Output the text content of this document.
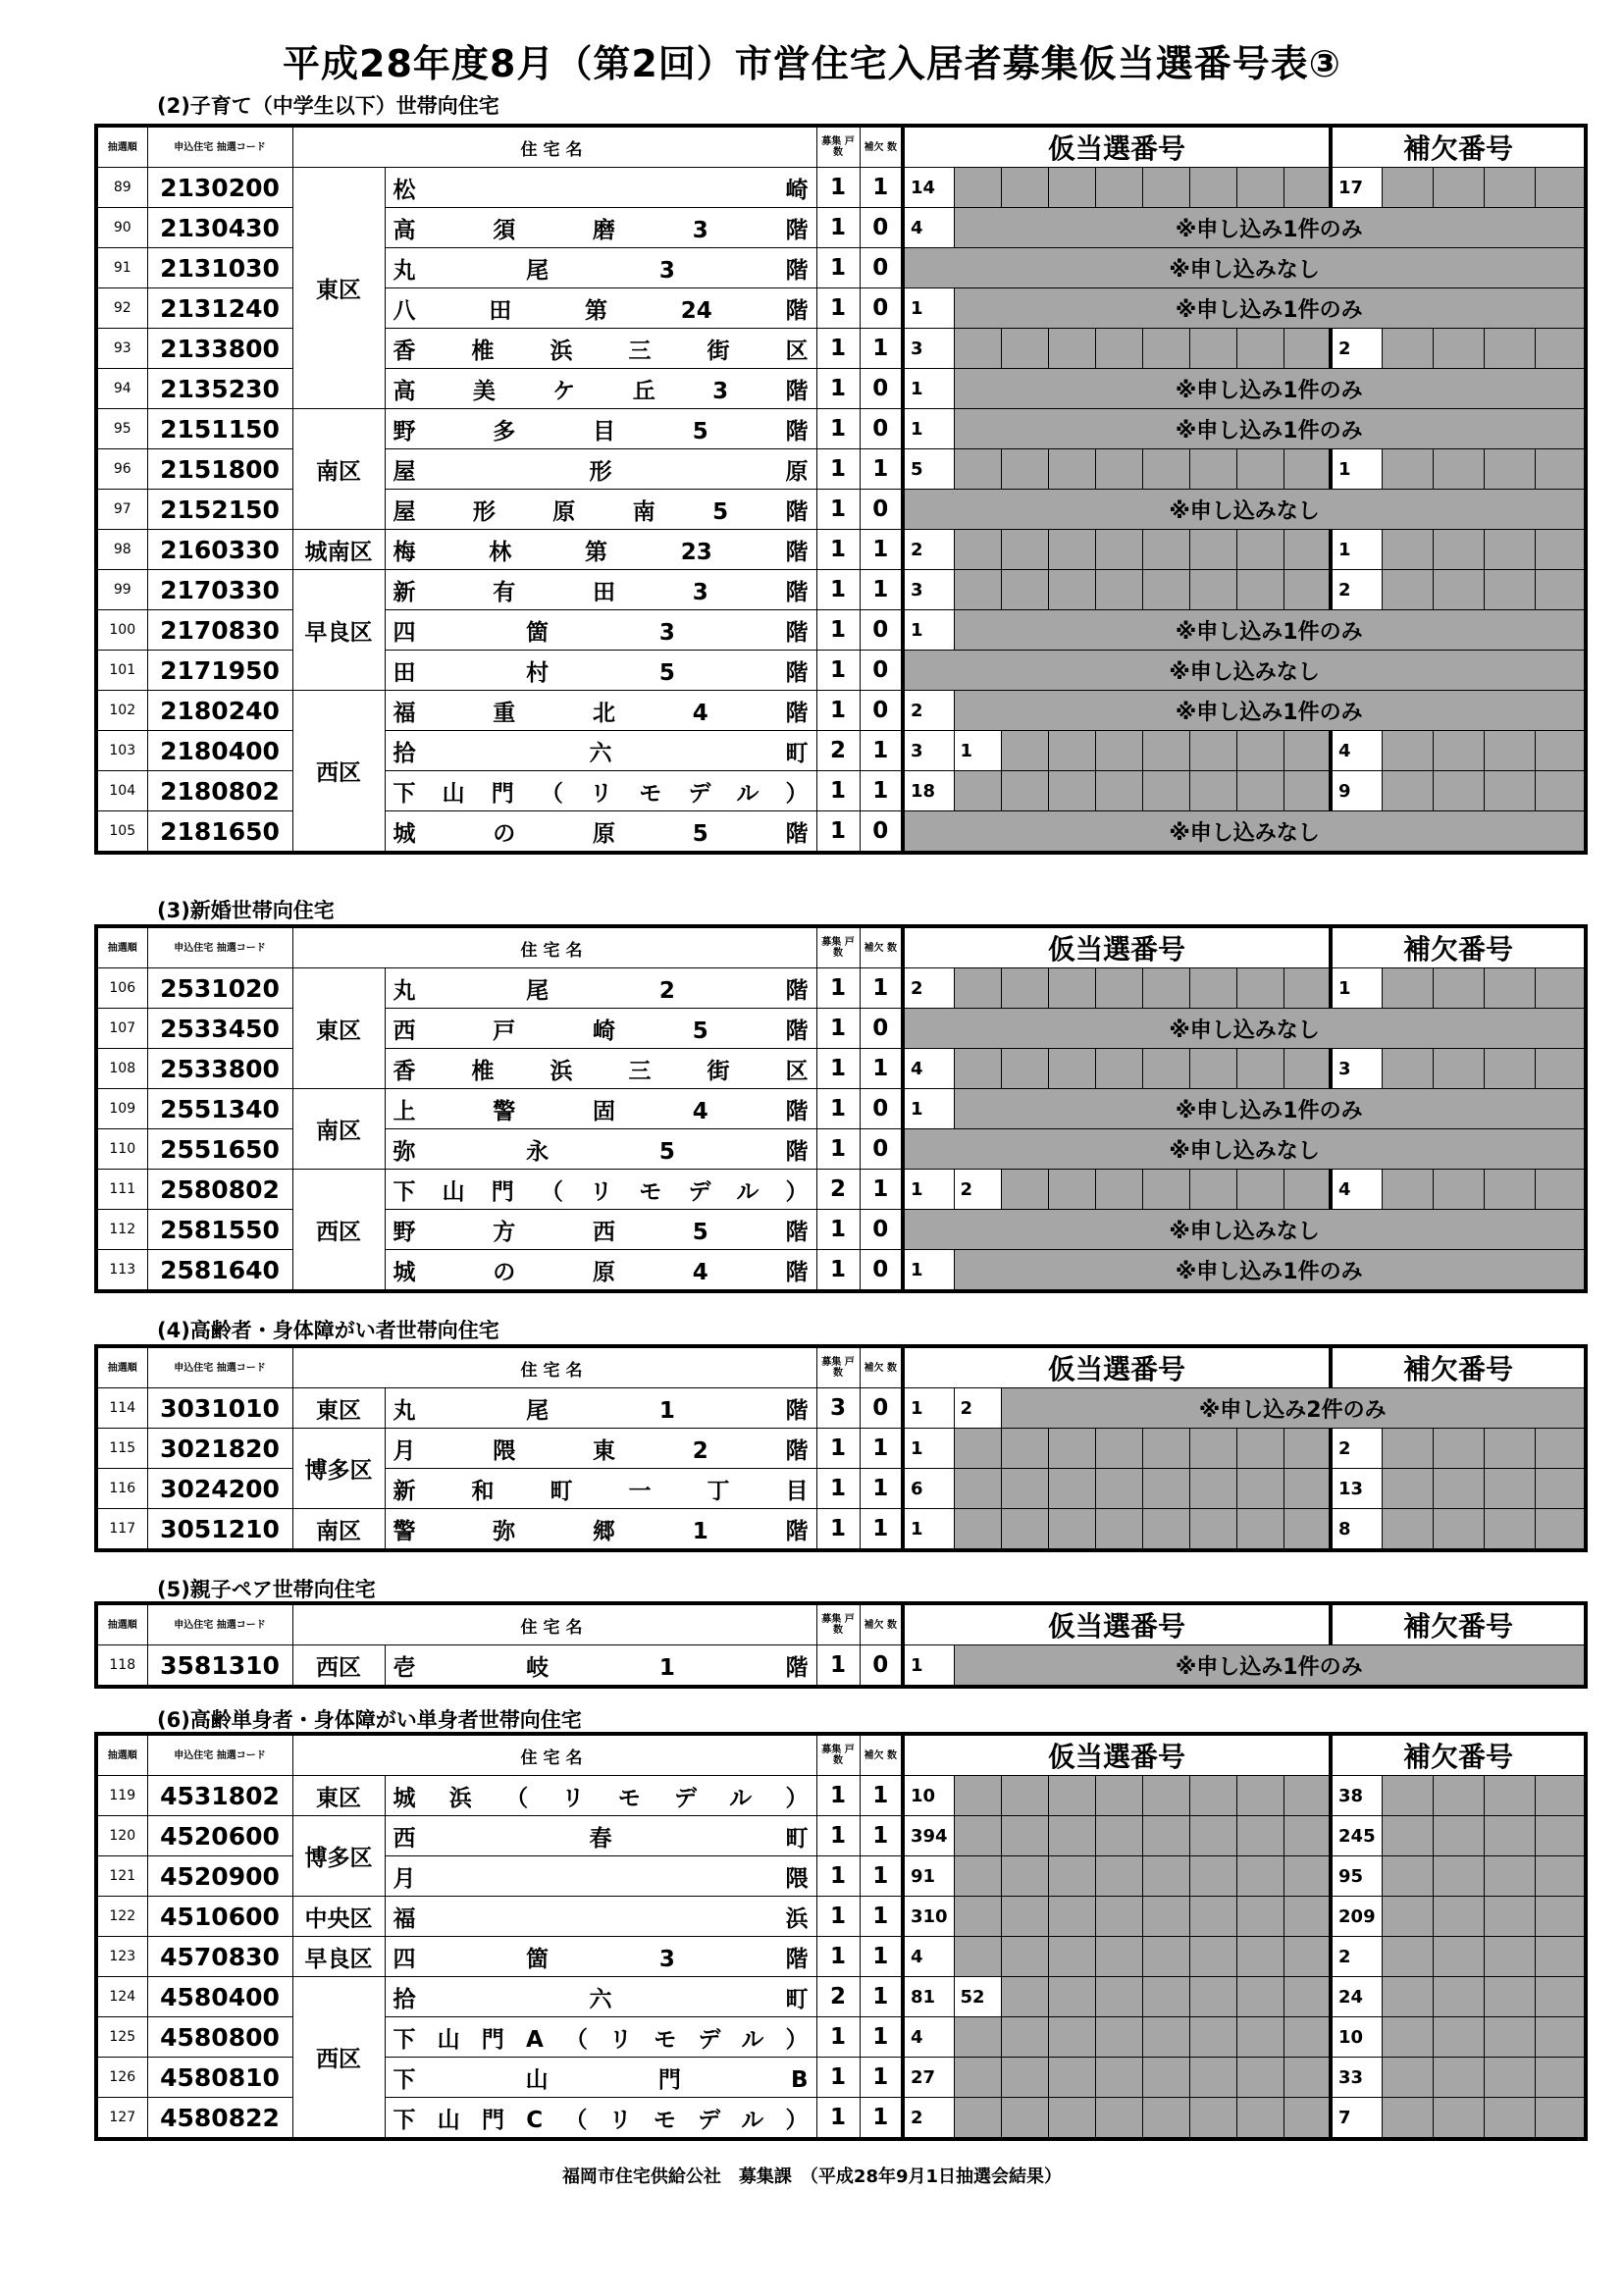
平成28年度8月（第2回）市営住宅入居者募集仮当選番号表③
(2)子育て（中学生以下）世帯向住宅
抽選順	申込住宅 抽選コード	住宅名		募集 戸数	補欠 数	仮当選番号									補欠番号				
89	2130200	東区	松崎	1	1	14									17				
90	2130430		高須磨3階	1	0	4	※申し込み1件のみ												
91	2131030		丸尾3階	1	0	※申し込みなし													
92	2131240		八田第24階	1	0	1	※申し込み1件のみ												
93	2133800		香椎浜三街区	1	1	3									2				
94	2135230		高美ケ丘3階	1	0	1	※申し込み1件のみ												
95	2151150	南区	野多目5階	1	0	1	※申し込み1件のみ												
96	2151800		屋形原	1	1	5									1				
97	2152150		屋形原南5階	1	0	※申し込みなし													
98	2160330	城南区	梅林第23階	1	1	2									1				
99	2170330	早良区	新有田3階	1	1	3									2				
100	2170830		四箇3階	1	0	1	※申し込み1件のみ												
101	2171950		田村5階	1	0	※申し込みなし													
102	2180240	西区	福重北4階	1	0	2	※申し込み1件のみ												
103	2180400		拾六町	2	1	3	1								4				
104	2180802		下山門（リモデル）	1	1	18									9				
105	2181650		城の原5階	1	0	※申し込みなし													
(3)新婚世帯向住宅
抽選順	申込住宅 抽選コード	住宅名		募集 戸数	補欠 数	仮当選番号									補欠番号				
106	2531020	東区	丸尾2階	1	1	2									1				
107	2533450		西戸崎5階	1	0	※申し込みなし													
108	2533800		香椎浜三街区	1	1	4									3				
109	2551340	南区	上警固4階	1	0	1	※申し込み1件のみ												
110	2551650		弥永5階	1	0	※申し込みなし													
111	2580802	西区	下山門（リモデル）	2	1	1	2								4				
112	2581550		野方西5階	1	0	※申し込みなし													
113	2581640		城の原4階	1	0	1	※申し込み1件のみ												
(4)高齢者・身体障がい者世帯向住宅
抽選順	申込住宅 抽選コード	住宅名		募集 戸数	補欠 数	仮当選番号									補欠番号				
114	3031010	東区	丸尾1階	3	0	1	2	※申し込み2件のみ											
115	3021820	博多区	月隈東2階	1	1	1									2				
116	3024200		新和町一丁目	1	1	6									13				
117	3051210	南区	警弥郷1階	1	1	1									8				
(5)親子ペア世帯向住宅
抽選順	申込住宅 抽選コード	住宅名		募集 戸数	補欠 数	仮当選番号		補欠番号
118	3581310	西区	壱岐1階	1	0	1	※申し込み1件のみ	
(6)高齢単身者・身体障がい単身者世帯向住宅
抽選順	申込住宅 抽選コード	住宅名		募集 戸数	補欠 数	仮当選番号									補欠番号				
119	4531802	東区	城浜（リモデル）	1	1	10									38				
120	4520600	博多区	西春町	1	1	394									245				
121	4520900		月隈	1	1	91									95				
122	4510600	中央区	福浜	1	1	310									209				
123	4570830	早良区	四箇3階	1	1	4									2				
124	4580400	西区	拾六町	2	1	81	52								24				
125	4580800		下山門A（リモデル）	1	1	4									10				
126	4580810		下山門B	1	1	27									33				
127	4580822		下山門C（リモデル）	1	1	2									7				
福岡市住宅供給公社　募集課　（平成28年9月1日抽選会結果）
